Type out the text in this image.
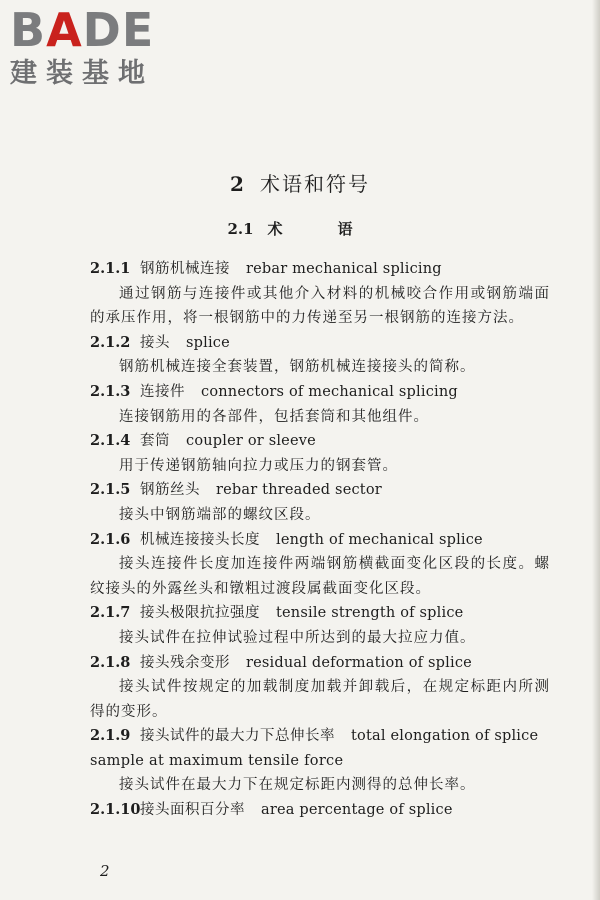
BADE
建装基地
2 术语和符号
2.1 术　语
2.1.1 钢筋机械连接 rebar mechanical splicing
通过钢筋与连接件或其他介入材料的机械咬合作用或钢筋端面的承压作用，将一根钢筋中的力传递至另一根钢筋的连接方法。
2.1.2 接头 splice
钢筋机械连接全套装置，钢筋机械连接接头的简称。
2.1.3 连接件 connectors of mechanical splicing
连接钢筋用的各部件，包括套筒和其他组件。
2.1.4 套筒 coupler or sleeve
用于传递钢筋轴向拉力或压力的钢套管。
2.1.5 钢筋丝头 rebar threaded sector
接头中钢筋端部的螺纹区段。
2.1.6 机械连接接头长度 length of mechanical splice
接头连接件长度加连接件两端钢筋横截面变化区段的长度。螺纹接头的外露丝头和镦粗过渡段属截面变化区段。
2.1.7 接头极限抗拉强度 tensile strength of splice
接头试件在拉伸试验过程中所达到的最大拉应力值。
2.1.8 接头残余变形 residual deformation of splice
接头试件按规定的加载制度加载并卸载后，在规定标距内所测得的变形。
2.1.9 接头试件的最大力下总伸长率 total elongation of splice
sample at maximum tensile force
接头试件在最大力下在规定标距内测得的总伸长率。
2.1.10接头面积百分率 area percentage of splice
2
